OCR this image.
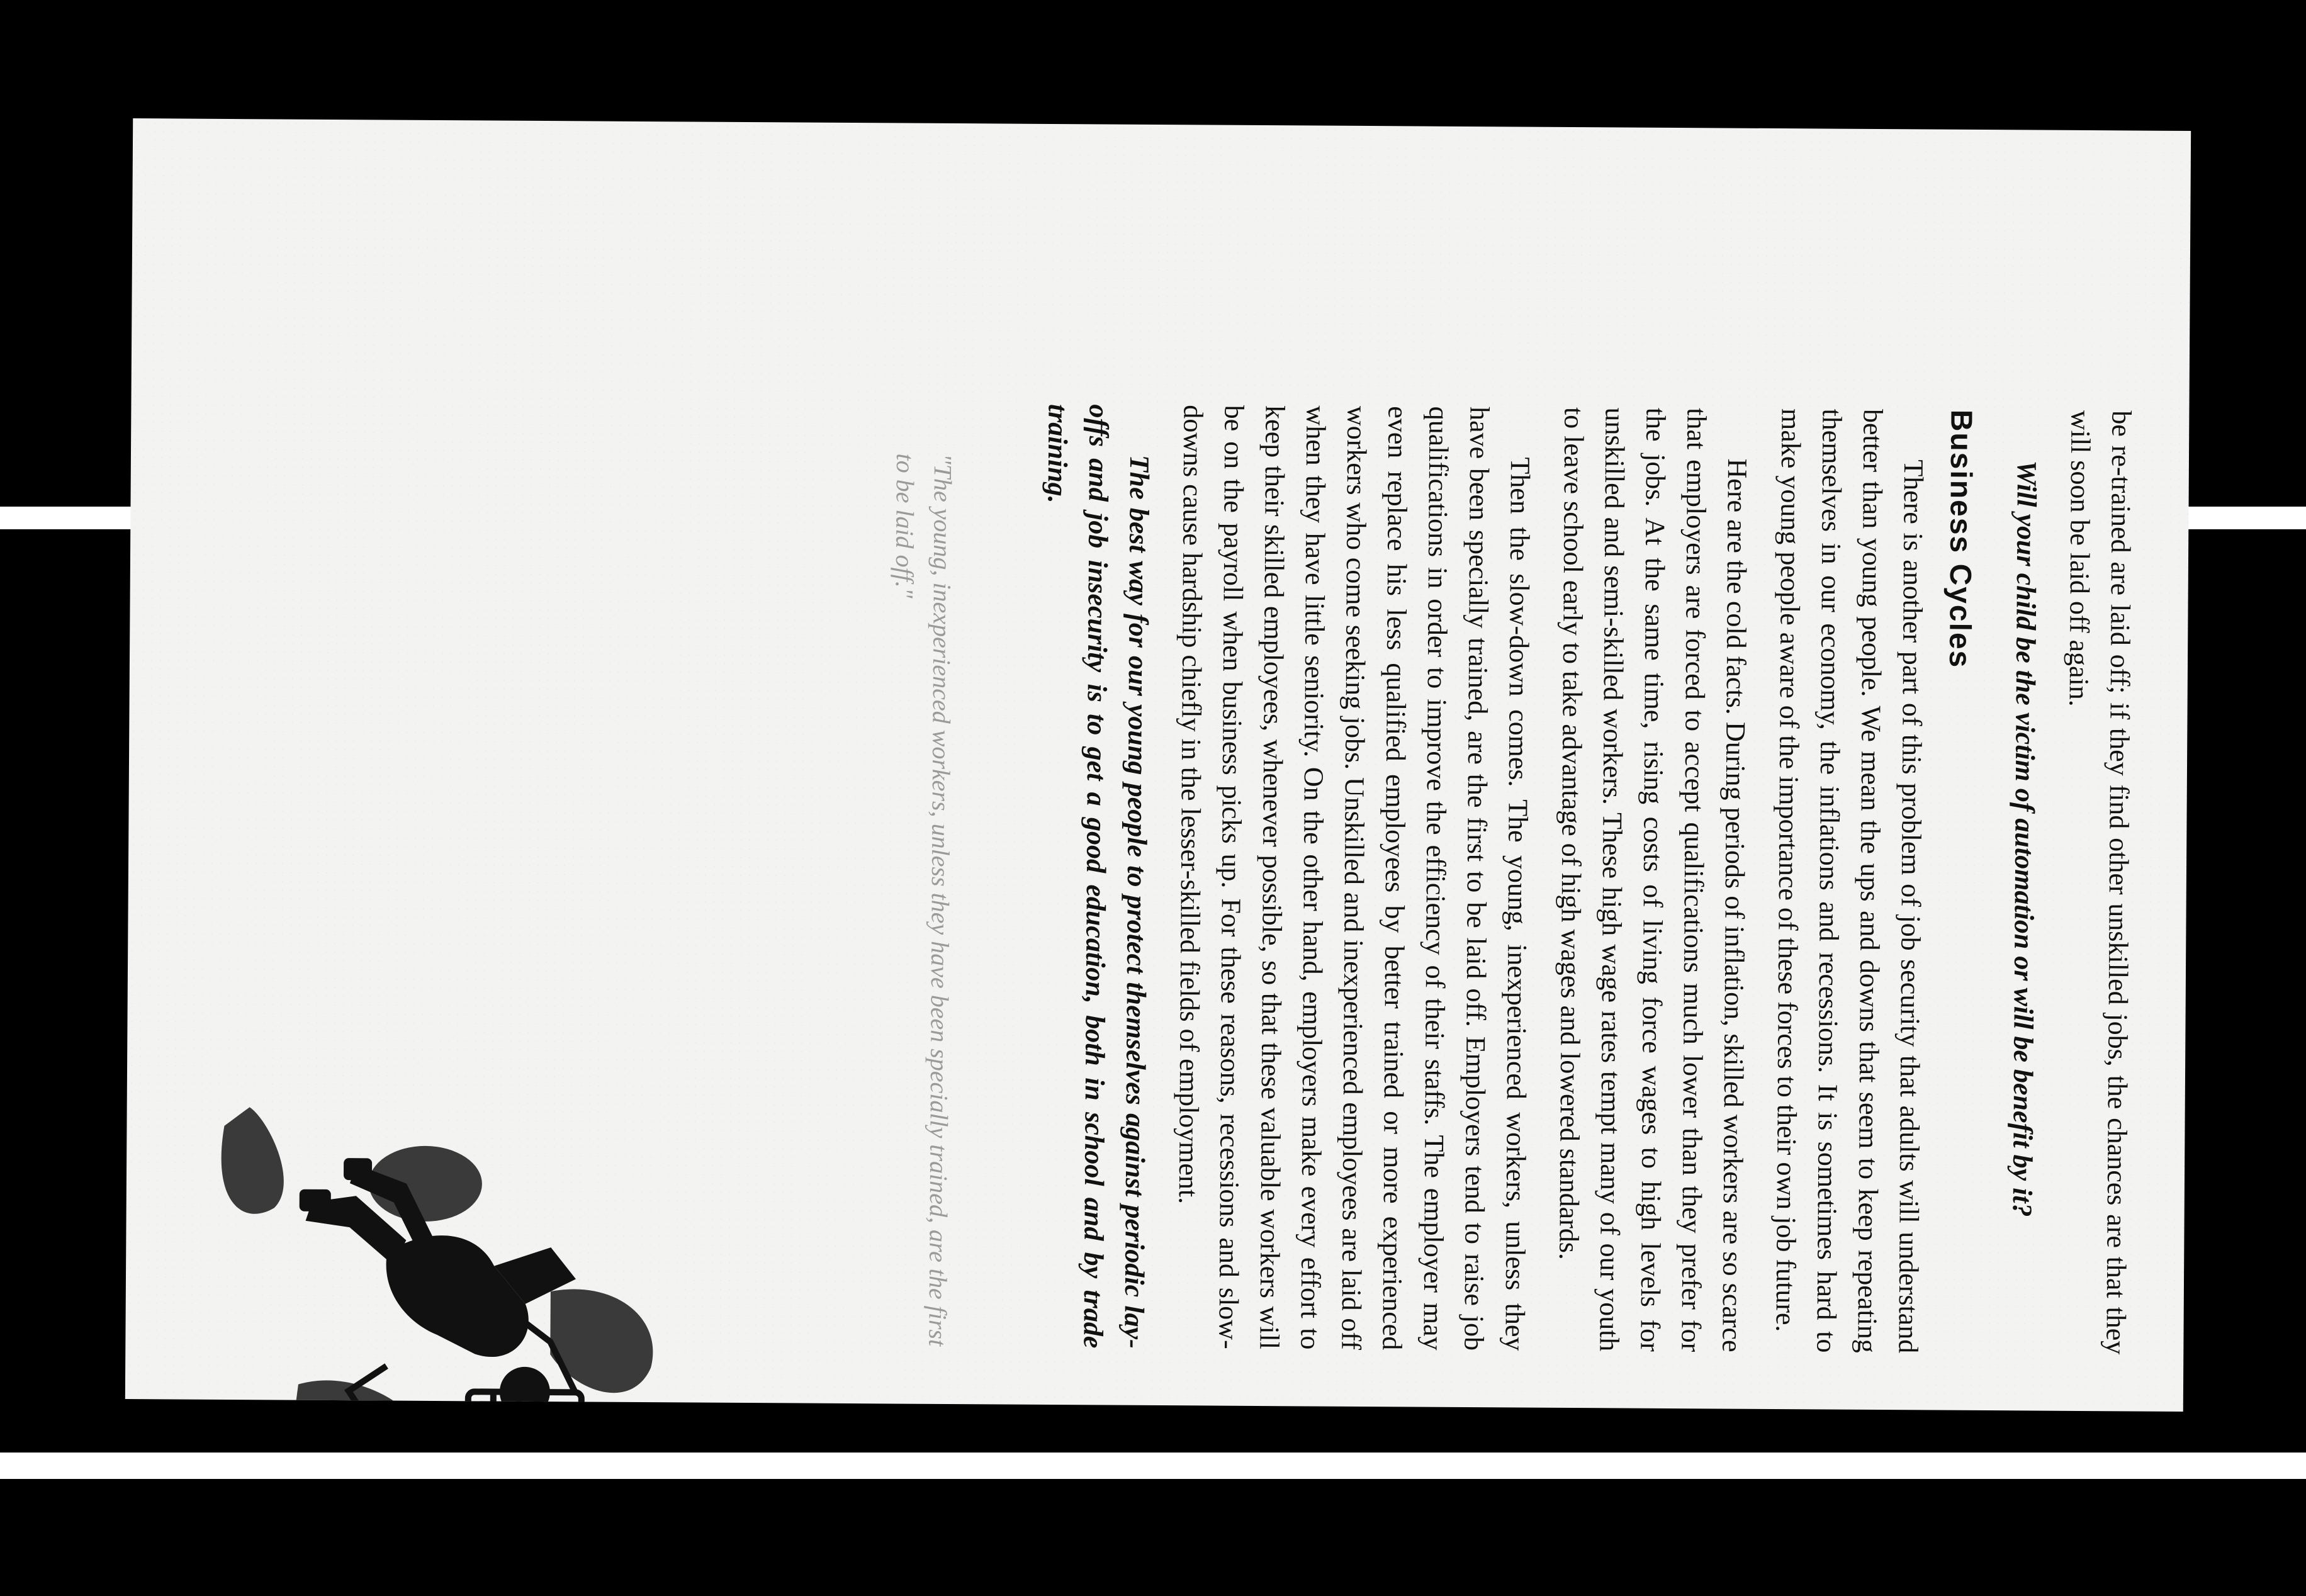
be re-trained are laid off; if they find other unskilled jobs, the chances are that they will soon be laid off again.

Will your child be the victim of automation or will be benefit by it?

Business Cycles

There is another part of this problem of job security that adults will understand better than young people. We mean the ups and downs that seem to keep repeating themselves in our economy, the inflations and recessions. It is sometimes hard to make young people aware of the importance of these forces to their own job future.

Here are the cold facts. During periods of inflation, skilled workers are so scarce that employers are forced to accept qualifications much lower than they prefer for the jobs. At the same time, rising costs of living force wages to high levels for unskilled and semi-skilled workers. These high wage rates tempt many of our youth to leave school early to take advantage of high wages and lowered standards.

Then the slow-down comes. The young, inexperienced workers, unless they have been specially trained, are the first to be laid off. Employers tend to raise job qualifications in order to improve the efficiency of their staffs. The employer may even replace his less qualified employees by better trained or more experienced workers who come seeking jobs. Unskilled and inexperienced employees are laid off when they have little seniority. On the other hand, employers make every effort to keep their skilled employees, whenever possible, so that these valuable workers will be on the payroll when business picks up. For these reasons, recessions and slow-downs cause hardship chiefly in the lesser-skilled fields of employment.

The best way for our young people to protect themselves against periodic lay-offs and job insecurity is to get a good education, both in school and by trade training.

"The young, inexperienced workers, unless they have been specially trained, are the first to be laid off."
